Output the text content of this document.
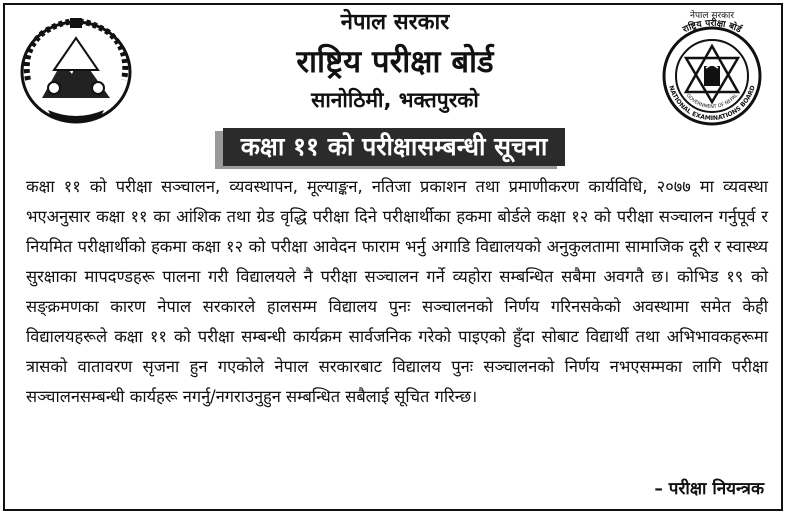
नेपाल सरकार
राष्ट्रिय परीक्षा बोर्ड
सानोठिमी, भक्तपुरको
राष्ट्रिय परीक्षा बोर्ड
नेपाल सरकार
NATIONAL EXAMINATIONS BOARD
GOVERNMENT OF NEPAL
कक्षा ११ को परीक्षासम्बन्धी सूचना
कक्षा ११ को परीक्षा सञ्चालन, व्यवस्थापन, मूल्याङ्कन, नतिजा प्रकाशन तथा प्रमाणीकरण कार्यविधि, २०७७ मा व्यवस्था भएअनुसार कक्षा ११ का आंशिक तथा ग्रेड वृद्धि परीक्षा दिने परीक्षार्थीका हकमा बोर्डले कक्षा १२ को परीक्षा सञ्चालन गर्नुपूर्व र नियमित परीक्षार्थीको हकमा कक्षा १२ को परीक्षा आवेदन फाराम भर्नु अगाडि विद्यालयको अनुकुलतामा सामाजिक दूरी र स्वास्थ्य सुरक्षाका मापदण्डहरू पालना गरी विद्यालयले नै परीक्षा सञ्चालन गर्ने व्यहोरा सम्बन्धित सबैमा अवगतै छ। कोभिड १९ को सङ्क्रमणका कारण नेपाल सरकारले हालसम्म विद्यालय पुनः सञ्चालनको निर्णय गरिनसकेको अवस्थामा समेत केही विद्यालयहरूले कक्षा ११ को परीक्षा सम्बन्धी कार्यक्रम सार्वजनिक गरेको पाइएको हुँदा सोबाट विद्यार्थी तथा अभिभावकहरूमा त्रासको वातावरण सृजना हुन गएकोले नेपाल सरकारबाट विद्यालय पुनः सञ्चालनको निर्णय नभएसम्मका लागि परीक्षा सञ्चालनसम्बन्धी कार्यहरू नगर्नु/नगराउनुहुन सम्बन्धित सबैलाई सूचित गरिन्छ।
– परीक्षा नियन्त्रक
